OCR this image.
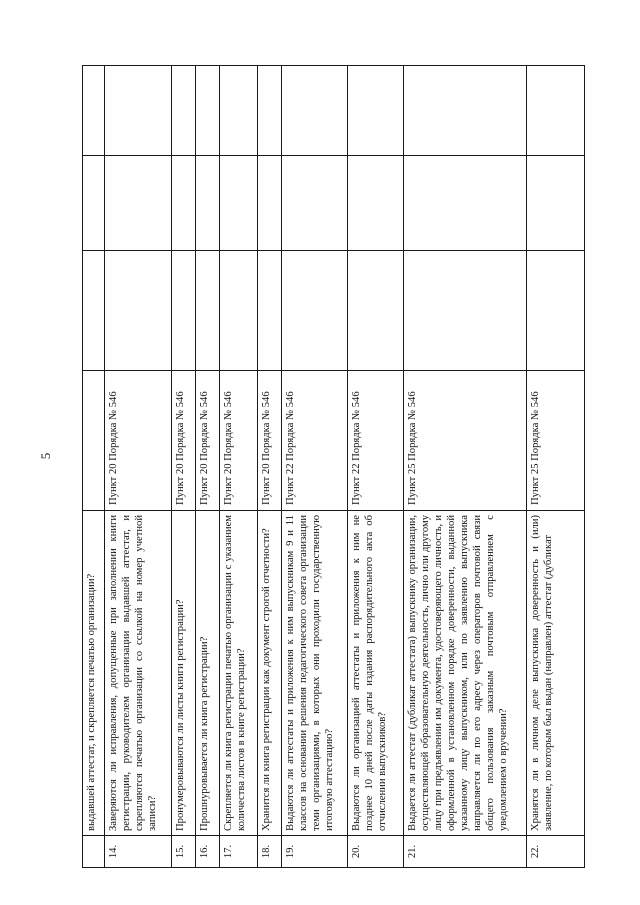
5
	выдавшей аттестат, и скрепляется печатью организации?				
14.	Заверяются ли исправления, допущенные при заполнении книги регистрации, руководителем организации выдавшей аттестат, и скрепляются печатью организации со ссылкой на номер учетной записи?	Пункт 20 Порядка № 546			
15.	Пронумеровываются ли листы книги регистрации?	Пункт 20 Порядка № 546			
16.	Прошнуровывается ли книга регистрации?	Пункт 20 Порядка № 546			
17.	Скрепляется ли книга регистрации печатью организации с указанием количества листов в книге регистрации?	Пункт 20 Порядка № 546			
18.	Хранится ли книга регистрации как документ строгой отчетности?	Пункт 20 Порядка № 546			
19.	Выдаются ли аттестаты и приложения к ним выпускникам 9 и 11 классов на основании решения педагогического совета организации теми организациями, в которых они проходили государственную итоговую аттестацию?	Пункт 22 Порядка № 546			
20.	Выдаются ли организацией аттестаты и приложения к ним не позднее 10 дней после даты издания распорядительного акта об отчислении выпускников?	Пункт 22 Порядка № 546			
21.	Выдается ли аттестат (дубликат аттестата) выпускнику организации, осуществляющей образовательную деятельность, лично или другому лицу при предъявлении им документа, удостоверяющего личность, и оформленной в установленном порядке доверенности, выданной указанному лицу выпускником, или по заявлению выпускника направляется ли по его адресу через операторов почтовой связи общего пользования заказным почтовым отправлением с уведомлением о вручении?	Пункт 25 Порядка № 546			
22.	Хранятся ли в личном деле выпускника доверенность и (или) заявление, по которым был выдан (направлен) аттестат (дубликат	Пункт 25 Порядка № 546			
